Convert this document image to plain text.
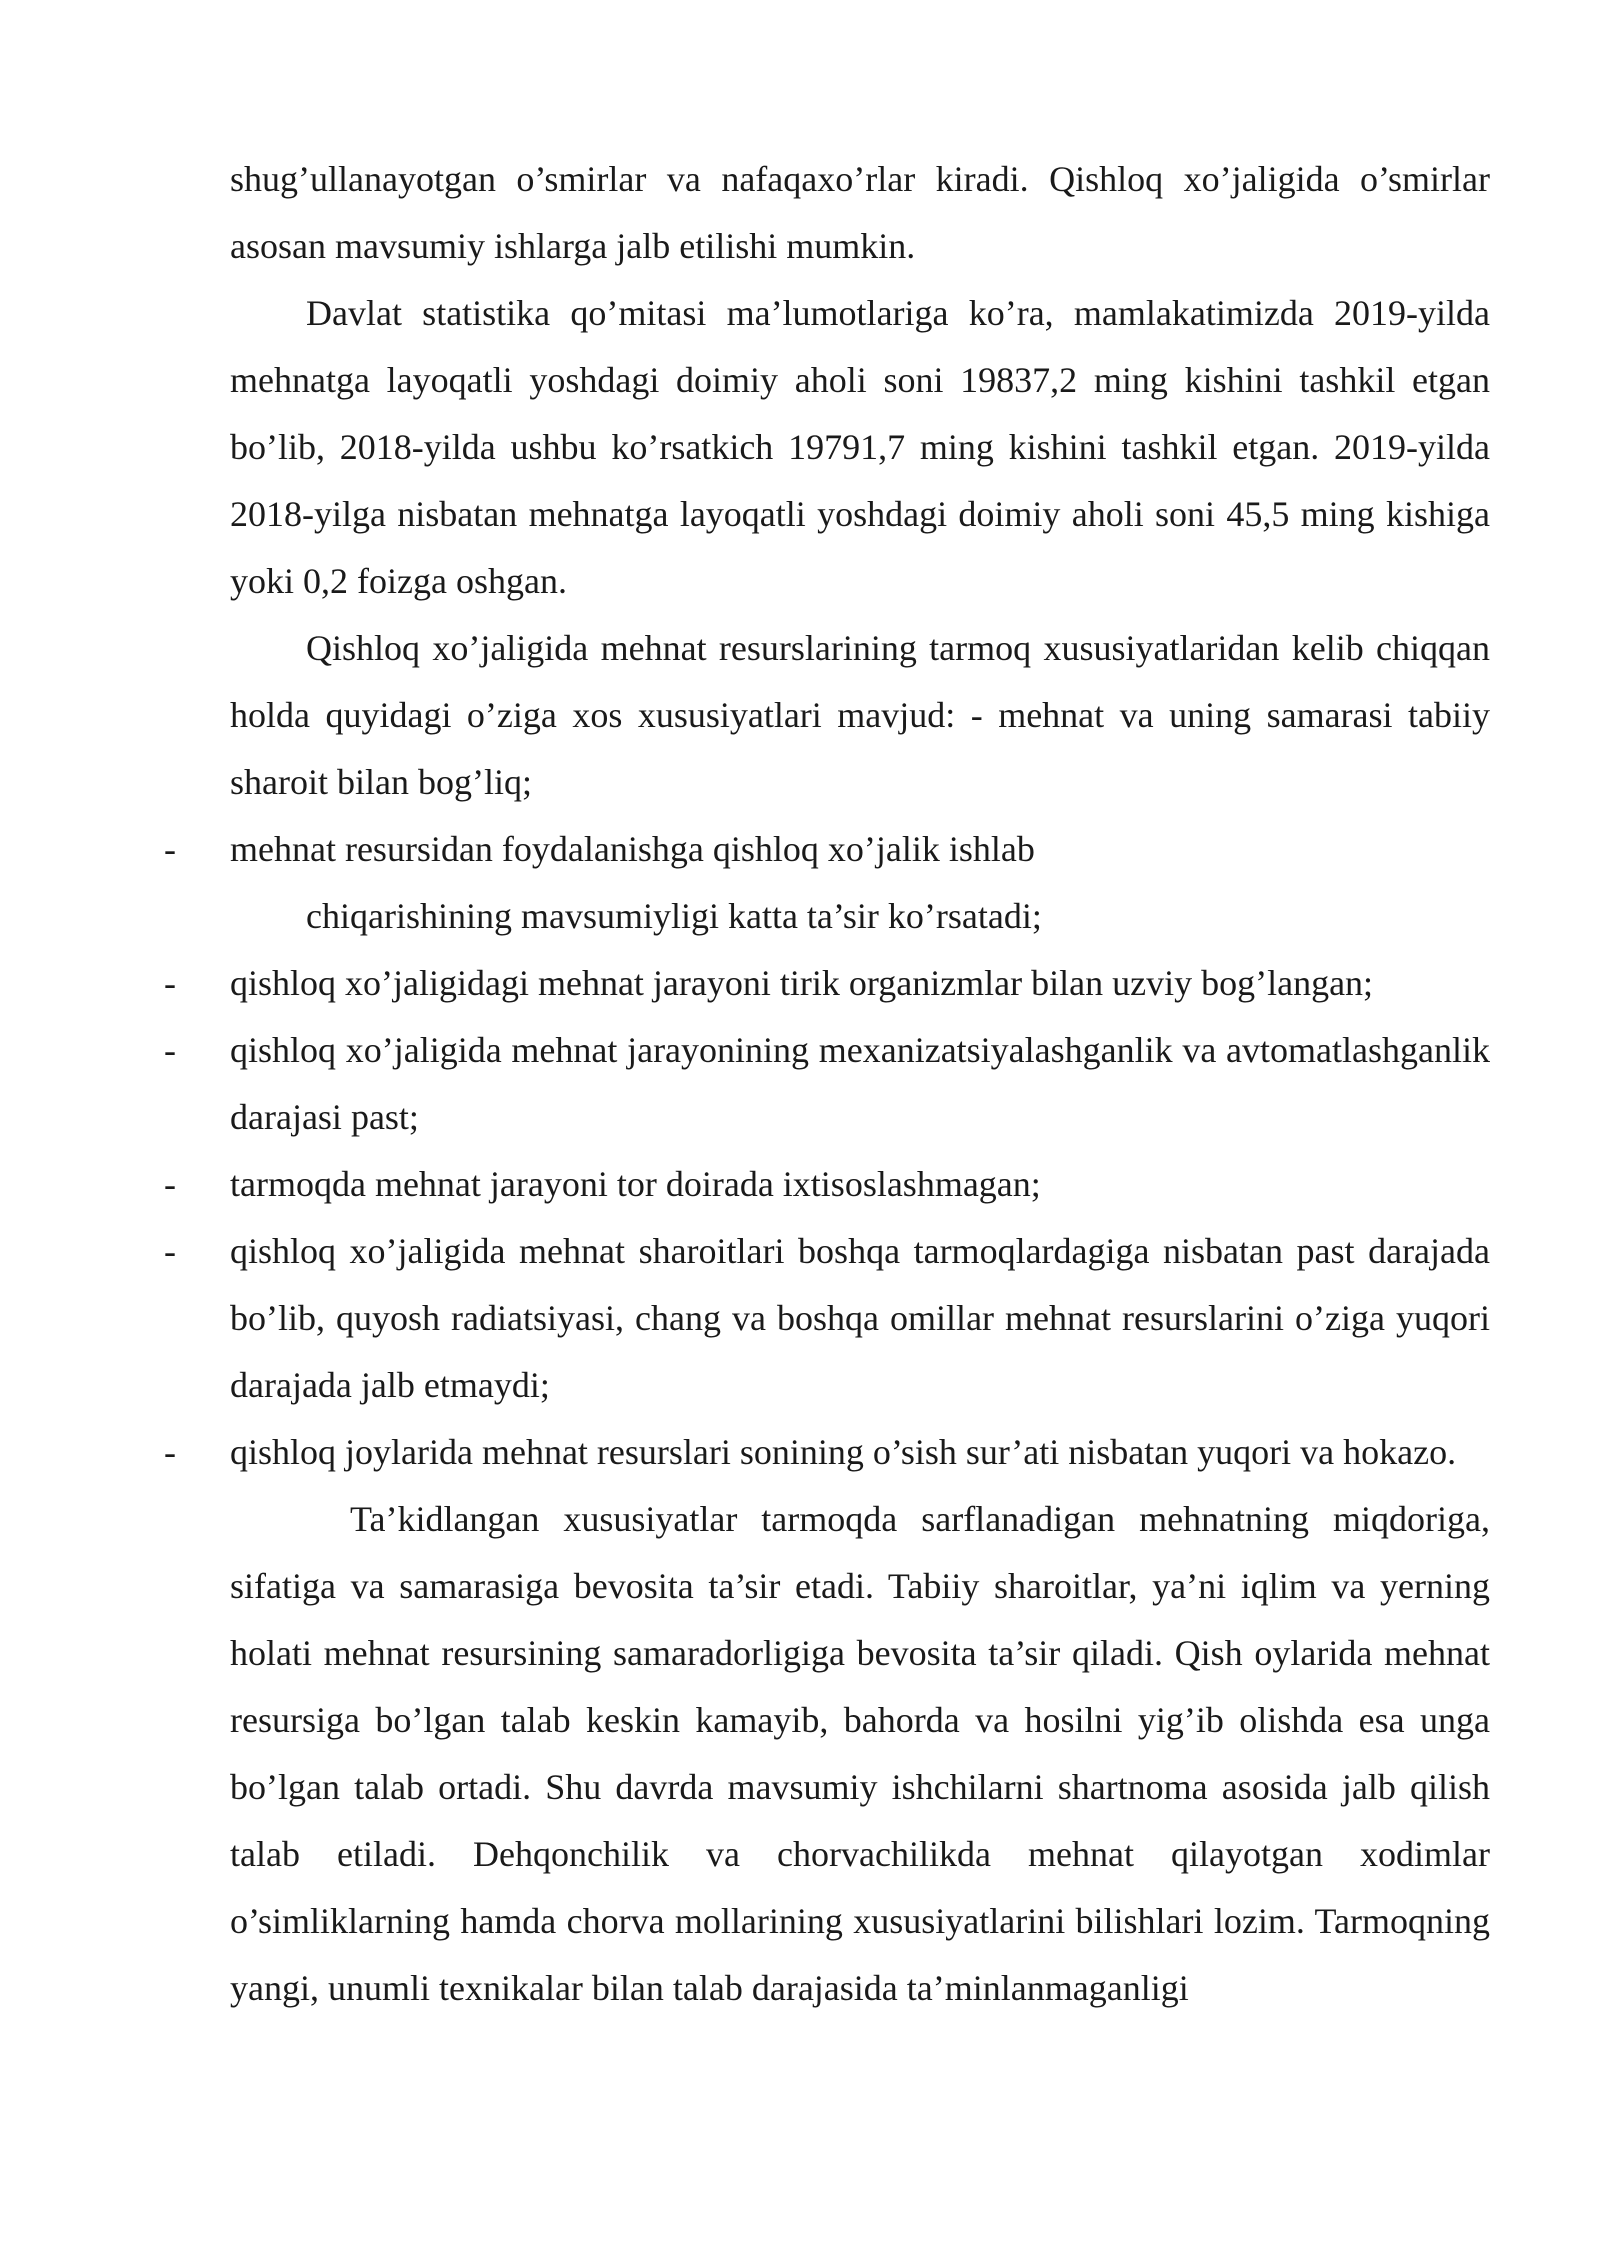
shug’ullanayotgan o’smirlar va nafaqaxo’rlar kiradi. Qishloq xo’jaligida o’smirlar asosan mavsumiy ishlarga jalb etilishi mumkin.

Davlat statistika qo’mitasi ma’lumotlariga ko’ra, mamlakatimizda 2019-yilda mehnatga layoqatli yoshdagi doimiy aholi soni 19837,2 ming kishini tashkil etgan bo’lib, 2018-yilda ushbu ko’rsatkich 19791,7 ming kishini tashkil etgan. 2019-yilda 2018-yilga nisbatan mehnatga layoqatli yoshdagi doimiy aholi soni 45,5 ming kishiga yoki 0,2 foizga oshgan.

Qishloq xo’jaligida mehnat resurslarining tarmoq xususiyatlaridan kelib chiqqan holda quyidagi o’ziga xos xususiyatlari mavjud: - mehnat va uning samarasi tabiiy sharoit bilan bog’liq;

- mehnat resursidan foydalanishga qishloq xo’jalik ishlab

chiqarishining mavsumiyligi katta ta’sir ko’rsatadi;

- qishloq xo’jaligidagi mehnat jarayoni tirik organizmlar bilan uzviy bog’langan;

- qishloq xo’jaligida mehnat jarayonining mexanizatsiyalashganlik va avtomatlashganlik darajasi past;

- tarmoqda mehnat jarayoni tor doirada ixtisoslashmagan;

- qishloq xo’jaligida mehnat sharoitlari boshqa tarmoqlardagiga nisbatan past darajada bo’lib, quyosh radiatsiyasi, chang va boshqa omillar mehnat resurslarini o’ziga yuqori darajada jalb etmaydi;

- qishloq joylarida mehnat resurslari sonining o’sish sur’ati nisbatan yuqori va hokazo.

Ta’kidlangan xususiyatlar tarmoqda sarflanadigan mehnatning miqdoriga, sifatiga va samarasiga bevosita ta’sir etadi. Tabiiy sharoitlar, ya’ni iqlim va yerning holati mehnat resursining samaradorligiga bevosita ta’sir qiladi. Qish oylarida mehnat resursiga bo’lgan talab keskin kamayib, bahorda va hosilni yig’ib olishda esa unga bo’lgan talab ortadi. Shu davrda mavsumiy ishchilarni shartnoma asosida jalb qilish talab etiladi. Dehqonchilik va chorvachilikda mehnat qilayotgan xodimlar o’simliklarning hamda chorva mollarining xususiyatlarini bilishlari lozim. Tarmoqning yangi, unumli texnikalar bilan talab darajasida ta’minlanmaganligi
